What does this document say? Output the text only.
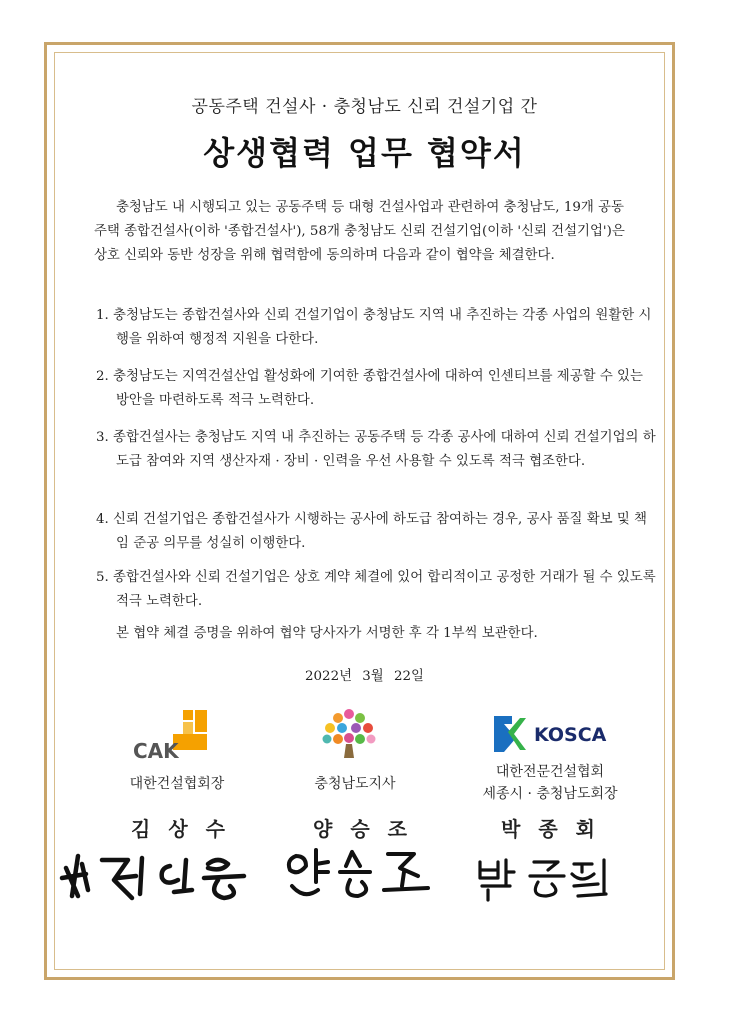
공동주택 건설사 · 충청남도 신뢰 건설기업 간
상생협력 업무 협약서

충청남도 내 시행되고 있는 공동주택 등 대형 건설사업과 관련하여 충청남도, 19개 공동주택 종합건설사(이하 '종합건설사'), 58개 충청남도 신뢰 건설기업(이하 '신뢰 건설기업')은 상호 신뢰와 동반 성장을 위해 협력함에 동의하며 다음과 같이 협약을 체결한다.

1. 충청남도는 종합건설사와 신뢰 건설기업이 충청남도 지역 내 추진하는 각종 사업의 원활한 시행을 위하여 행정적 지원을 다한다.

2. 충청남도는 지역건설산업 활성화에 기여한 종합건설사에 대하여 인센티브를 제공할 수 있는 방안을 마련하도록 적극 노력한다.

3. 종합건설사는 충청남도 지역 내 추진하는 공동주택 등 각종 공사에 대하여 신뢰 건설기업의 하도급 참여와 지역 생산자재 · 장비 · 인력을 우선 사용할 수 있도록 적극 협조한다.

4. 신뢰 건설기업은 종합건설사가 시행하는 공사에 하도급 참여하는 경우, 공사 품질 확보 및 책임 준공 의무를 성실히 이행한다.

5. 종합건설사와 신뢰 건설기업은 상호 계약 체결에 있어 합리적이고 공정한 거래가 될 수 있도록 적극 노력한다.

본 협약 체결 증명을 위하여 협약 당사자가 서명한 후 각 1부씩 보관한다.

2022년 3월 22일
CAK
KOSCA
대한건설협회장	충청남도지사
대한전문건설협회
세종시 · 충청남도회장
김상수	양승조	박종회
